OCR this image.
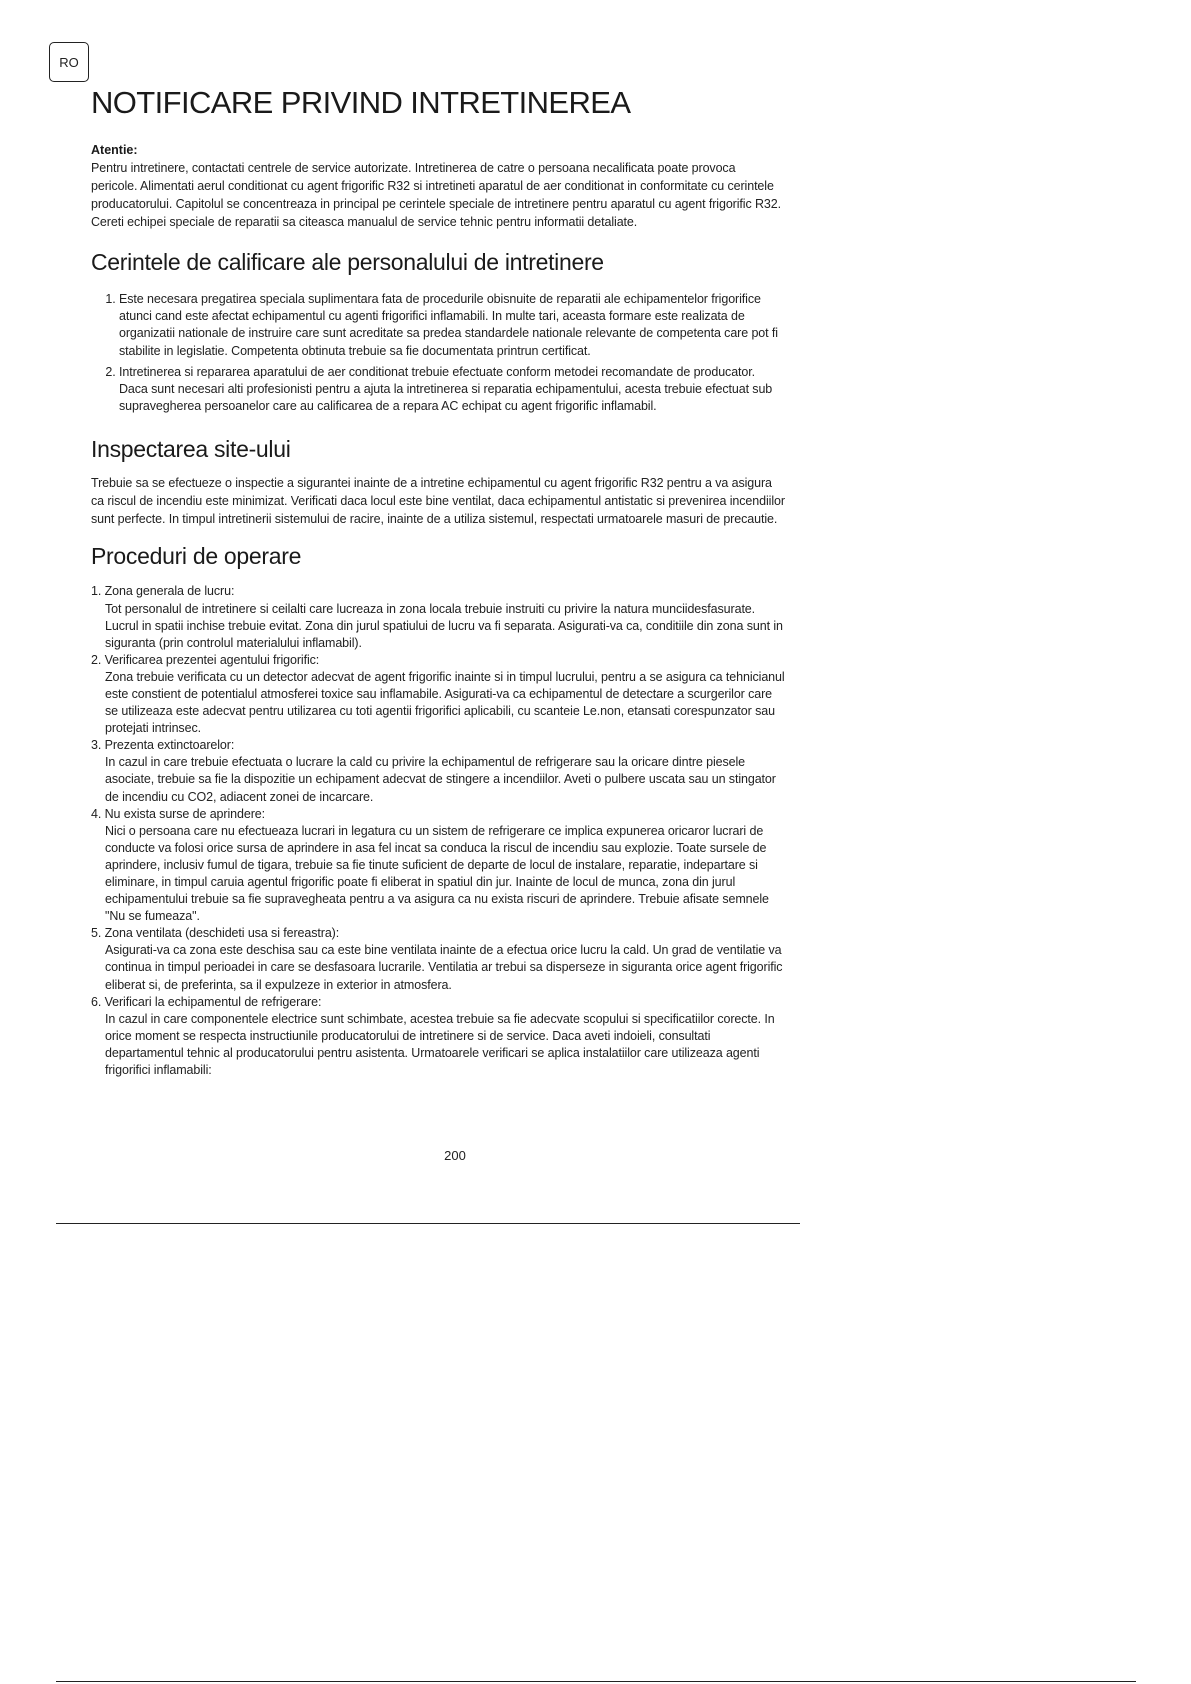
RO
NOTIFICARE PRIVIND INTRETINEREA
Atentie:

Pentru intretinere, contactati centrele de service autorizate. Intretinerea de catre o persoana necalificata poate provoca pericole. Alimentati aerul conditionat cu agent frigorific R32 si intretineti aparatul de aer conditionat in conformitate cu cerintele producatorului. Capitolul se concentreaza in principal pe cerintele speciale de intretinere pentru aparatul cu agent frigorific R32. Cereti echipei speciale de reparatii sa citeasca manualul de service tehnic pentru informatii detaliate.

Cerintele de calificare ale personalului de intretinere
1. Este necesara pregatirea speciala suplimentara fata de procedurile obisnuite de reparatii ale echipamentelor frigorifice atunci cand este afectat echipamentul cu agenti frigorifici inflamabili. In multe tari, aceasta formare este realizata de organizatii nationale de instruire care sunt acreditate sa predea standardele nationale relevante de competenta care pot fi stabilite in legislatie. Competenta obtinuta trebuie sa fie documentata printrun certificat.
2. Intretinerea si repararea aparatului de aer conditionat trebuie efectuate conform metodei recomandate de producator. Daca sunt necesari alti profesionisti pentru a ajuta la intretinerea si reparatia echipamentului, acesta trebuie efectuat sub supravegherea persoanelor care au calificarea de a repara AC echipat cu agent frigorific inflamabil.
Inspectarea site-ului

Trebuie sa se efectueze o inspectie a sigurantei inainte de a intretine echipamentul cu agent frigorific R32 pentru a va asigura ca riscul de incendiu este minimizat. Verificati daca locul este bine ventilat, daca echipamentul antistatic si prevenirea incendiilor sunt perfecte. In timpul intretinerii sistemului de racire, inainte de a utiliza sistemul, respectati urmatoarele masuri de precautie.

Proceduri de operare
1. Zona generala de lucru:
Tot personalul de intretinere si ceilalti care lucreaza in zona locala trebuie instruiti cu privire la natura munciidesfasurate. Lucrul in spatii inchise trebuie evitat. Zona din jurul spatiului de lucru va fi separata. Asigurati-va ca, conditiile din zona sunt in siguranta (prin controlul materialului inflamabil).
2. Verificarea prezentei agentului frigorific:
Zona trebuie verificata cu un detector adecvat de agent frigorific inainte si in timpul lucrului, pentru a se asigura ca tehnicianul este constient de potentialul atmosferei toxice sau inflamabile. Asigurati-va ca echipamentul de detectare a scurgerilor care se utilizeaza este adecvat pentru utilizarea cu toti agentii frigorifici aplicabili, cu scanteie Le.non, etansati corespunzator sau protejati intrinsec.
3. Prezenta extinctoarelor:
In cazul in care trebuie efectuata o lucrare la cald cu privire la echipamentul de refrigerare sau la oricare dintre piesele asociate, trebuie sa fie la dispozitie un echipament adecvat de stingere a incendiilor. Aveti o pulbere uscata sau un stingator de incendiu cu CO2, adiacent zonei de incarcare.
4. Nu exista surse de aprindere:
Nici o persoana care nu efectueaza lucrari in legatura cu un sistem de refrigerare ce implica expunerea oricaror lucrari de conducte va folosi orice sursa de aprindere in asa fel incat sa conduca la riscul de incendiu sau explozie. Toate sursele de aprindere, inclusiv fumul de tigara, trebuie sa fie tinute suficient de departe de locul de instalare, reparatie, indepartare si eliminare, in timpul caruia agentul frigorific poate fi eliberat in spatiul din jur. Inainte de locul de munca, zona din jurul echipamentului trebuie sa fie supravegheata pentru a va asigura ca nu exista riscuri de aprindere. Trebuie afisate semnele "Nu se fumeaza".
5. Zona ventilata (deschideti usa si fereastra):
Asigurati-va ca zona este deschisa sau ca este bine ventilata inainte de a efectua orice lucru la cald. Un grad de ventilatie va continua in timpul perioadei in care se desfasoara lucrarile. Ventilatia ar trebui sa disperseze in siguranta orice agent frigorific eliberat si, de preferinta, sa il expulzeze in exterior in atmosfera.
6. Verificari la echipamentul de refrigerare:
In cazul in care componentele electrice sunt schimbate, acestea trebuie sa fie adecvate scopului si specificatiilor corecte. In orice moment se respecta instructiunile producatorului de intretinere si de service. Daca aveti indoieli, consultati departamentul tehnic al producatorului pentru asistenta. Urmatoarele verificari se aplica instalatiilor care utilizeaza agenti frigorifici inflamabili:
200
